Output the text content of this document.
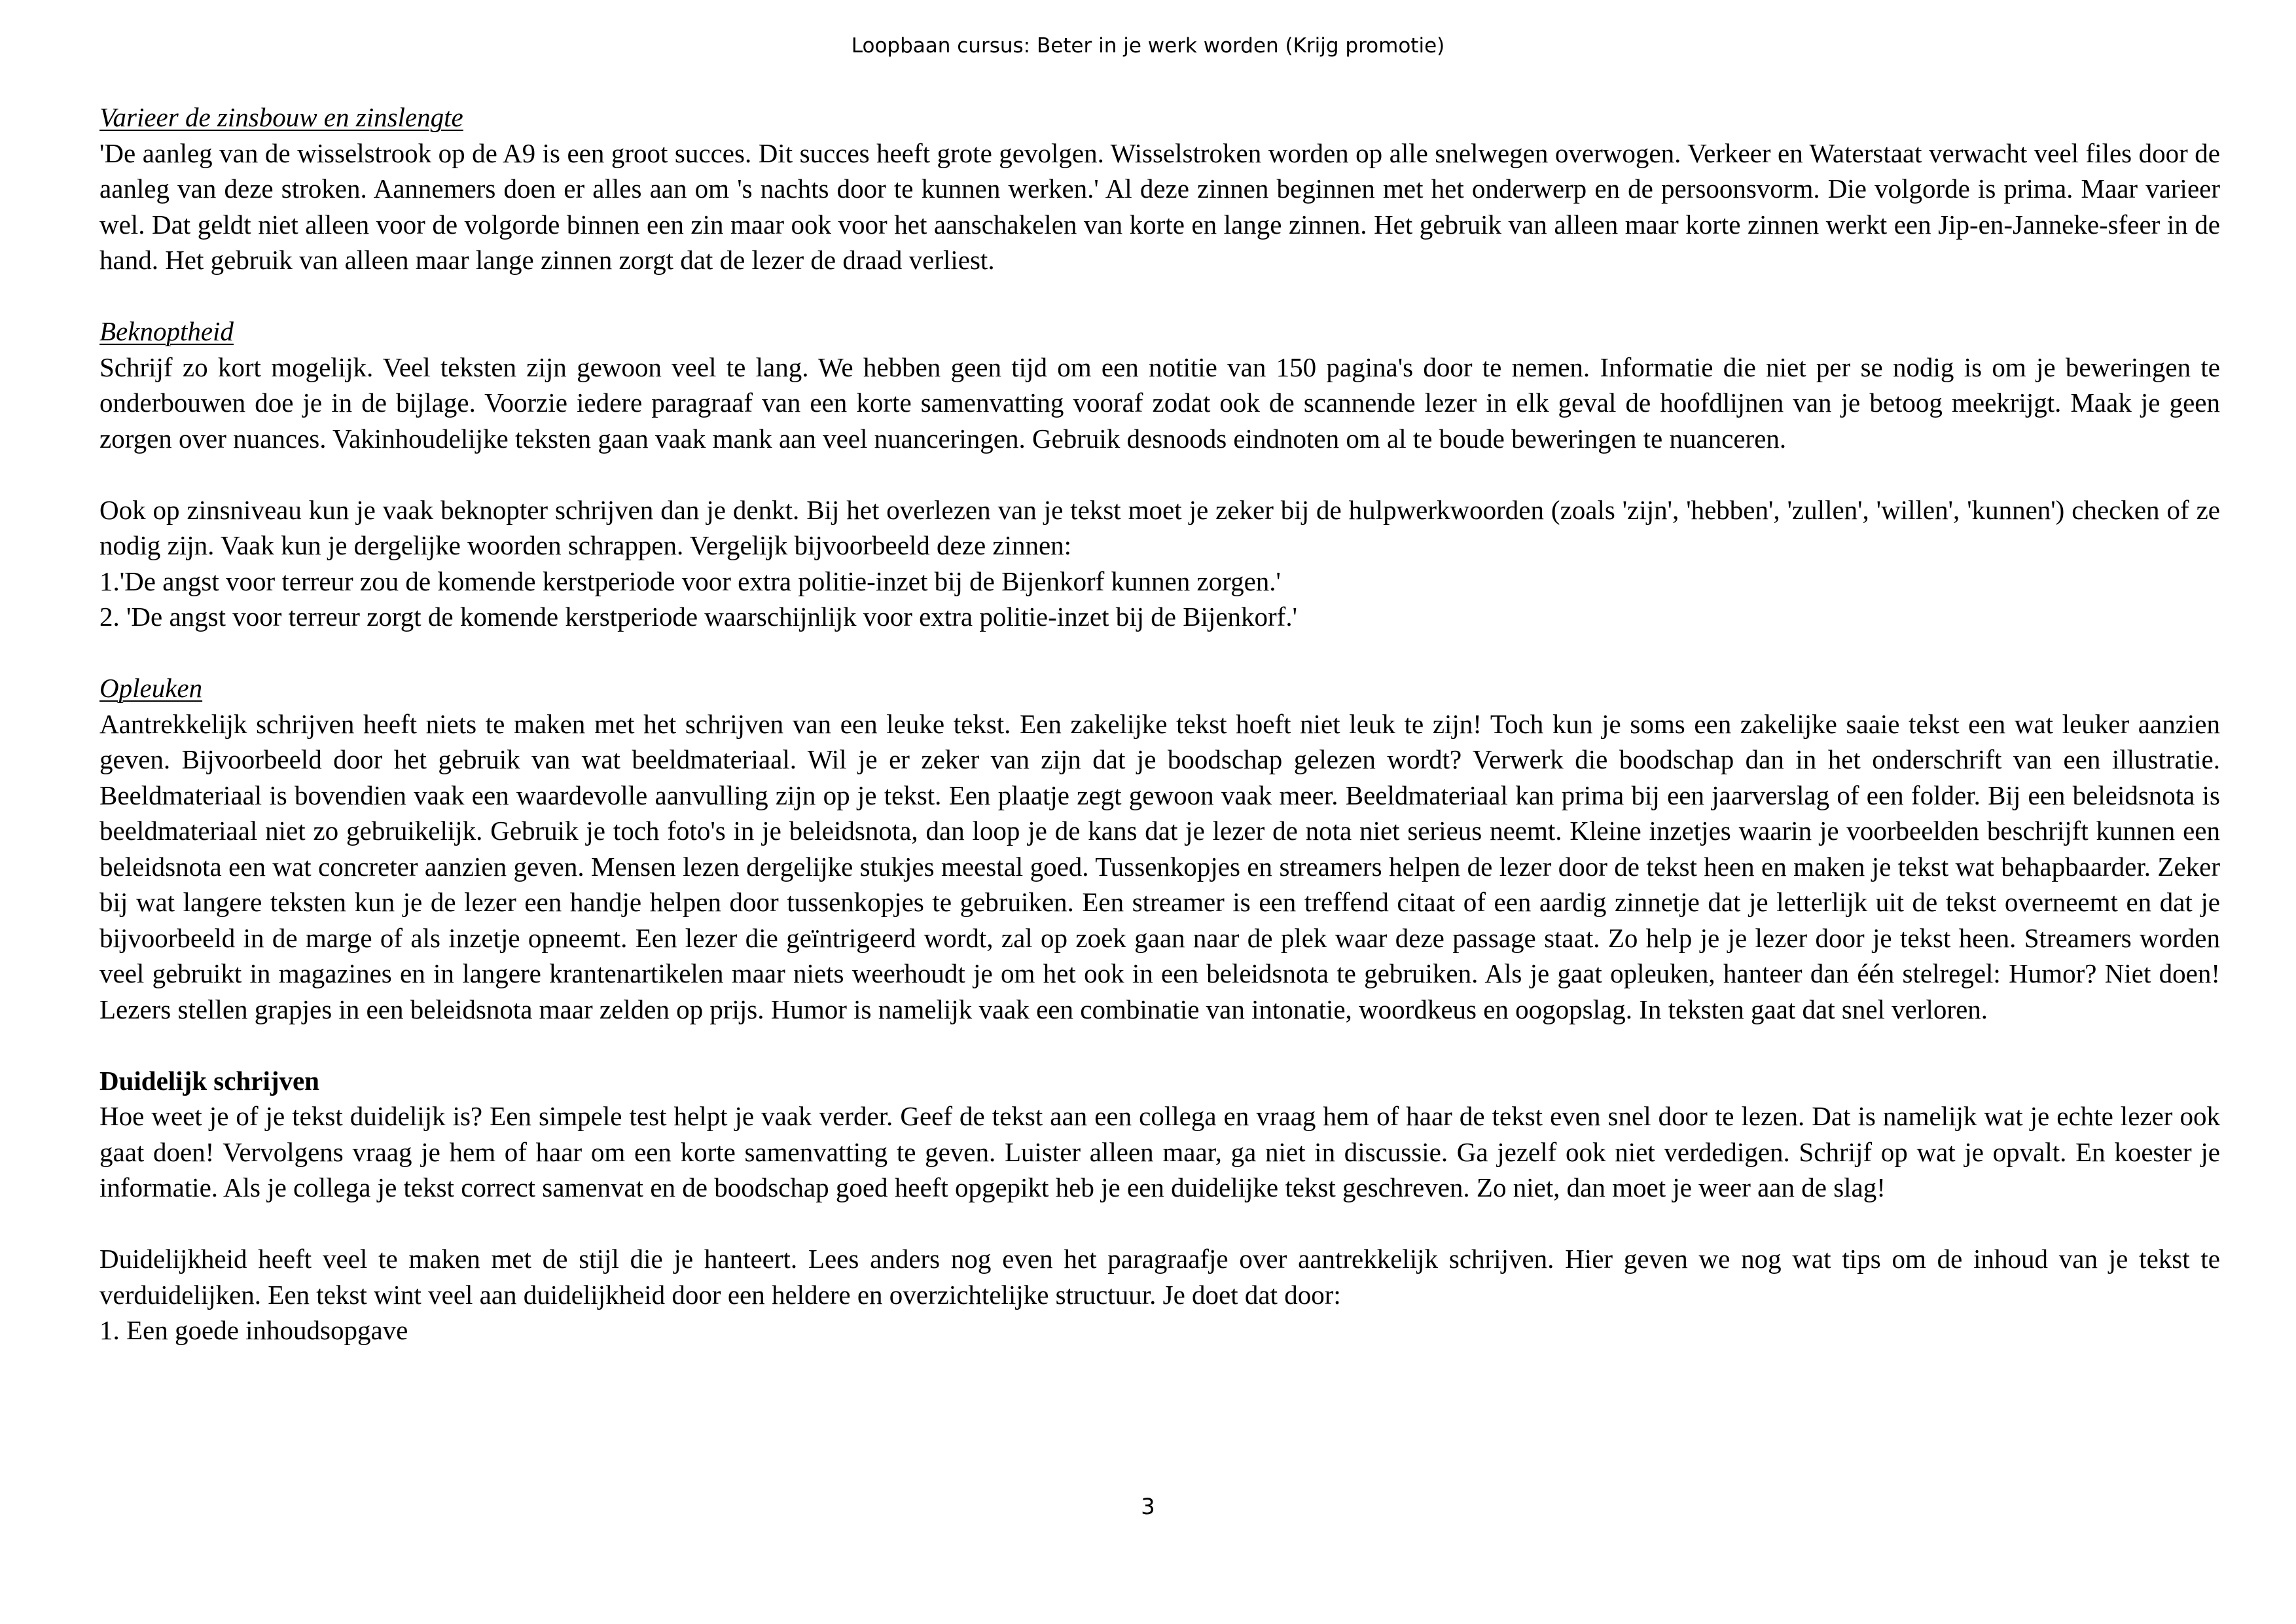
Loopbaan cursus: Beter in je werk worden (Krijg promotie)

Varieer de zinsbouw en zinslengte

'De aanleg van de wisselstrook op de A9 is een groot succes. Dit succes heeft grote gevolgen. Wisselstroken worden op alle snelwegen overwogen. Verkeer en Waterstaat verwacht veel files door de aanleg van deze stroken. Aannemers doen er alles aan om 's nachts door te kunnen werken.' Al deze zinnen beginnen met het onderwerp en de persoonsvorm. Die volgorde is prima. Maar varieer wel. Dat geldt niet alleen voor de volgorde binnen een zin maar ook voor het aanschakelen van korte en lange zinnen. Het gebruik van alleen maar korte zinnen werkt een Jip-en-Janneke-sfeer in de hand. Het gebruik van alleen maar lange zinnen zorgt dat de lezer de draad verliest.

Beknoptheid

Schrijf zo kort mogelijk. Veel teksten zijn gewoon veel te lang. We hebben geen tijd om een notitie van 150 pagina's door te nemen. Informatie die niet per se nodig is om je beweringen te onderbouwen doe je in de bijlage. Voorzie iedere paragraaf van een korte samenvatting vooraf zodat ook de scannende lezer in elk geval de hoofdlijnen van je betoog meekrijgt. Maak je geen zorgen over nuances. Vakinhoudelijke teksten gaan vaak mank aan veel nuanceringen. Gebruik desnoods eindnoten om al te boude beweringen te nuanceren.

Ook op zinsniveau kun je vaak beknopter schrijven dan je denkt. Bij het overlezen van je tekst moet je zeker bij de hulpwerkwoorden (zoals 'zijn', 'hebben', 'zullen', 'willen', 'kunnen') checken of ze nodig zijn. Vaak kun je dergelijke woorden schrappen. Vergelijk bijvoorbeeld deze zinnen:

1.'De angst voor terreur zou de komende kerstperiode voor extra politie-inzet bij de Bijenkorf kunnen zorgen.'

2. 'De angst voor terreur zorgt de komende kerstperiode waarschijnlijk voor extra politie-inzet bij de Bijenkorf.'

Opleuken

Aantrekkelijk schrijven heeft niets te maken met het schrijven van een leuke tekst. Een zakelijke tekst hoeft niet leuk te zijn! Toch kun je soms een zakelijke saaie tekst een wat leuker aanzien geven. Bijvoorbeeld door het gebruik van wat beeldmateriaal. Wil je er zeker van zijn dat je boodschap gelezen wordt? Verwerk die boodschap dan in het onderschrift van een illustratie. Beeldmateriaal is bovendien vaak een waardevolle aanvulling zijn op je tekst. Een plaatje zegt gewoon vaak meer. Beeldmateriaal kan prima bij een jaarverslag of een folder. Bij een beleidsnota is beeldmateriaal niet zo gebruikelijk. Gebruik je toch foto's in je beleidsnota, dan loop je de kans dat je lezer de nota niet serieus neemt. Kleine inzetjes waarin je voorbeelden beschrijft kunnen een beleidsnota een wat concreter aanzien geven. Mensen lezen dergelijke stukjes meestal goed. Tussenkopjes en streamers helpen de lezer door de tekst heen en maken je tekst wat behapbaarder. Zeker bij wat langere teksten kun je de lezer een handje helpen door tussenkopjes te gebruiken. Een streamer is een treffend citaat of een aardig zinnetje dat je letterlijk uit de tekst overneemt en dat je bijvoorbeeld in de marge of als inzetje opneemt. Een lezer die geïntrigeerd wordt, zal op zoek gaan naar de plek waar deze passage staat. Zo help je je lezer door je tekst heen. Streamers worden veel gebruikt in magazines en in langere krantenartikelen maar niets weerhoudt je om het ook in een beleidsnota te gebruiken. Als je gaat opleuken, hanteer dan één stelregel: Humor? Niet doen! Lezers stellen grapjes in een beleidsnota maar zelden op prijs. Humor is namelijk vaak een combinatie van intonatie, woordkeus en oogopslag. In teksten gaat dat snel verloren.

Duidelijk schrijven

Hoe weet je of je tekst duidelijk is? Een simpele test helpt je vaak verder. Geef de tekst aan een collega en vraag hem of haar de tekst even snel door te lezen. Dat is namelijk wat je echte lezer ook gaat doen! Vervolgens vraag je hem of haar om een korte samenvatting te geven. Luister alleen maar, ga niet in discussie. Ga jezelf ook niet verdedigen. Schrijf op wat je opvalt. En koester je informatie. Als je collega je tekst correct samenvat en de boodschap goed heeft opgepikt heb je een duidelijke tekst geschreven. Zo niet, dan moet je weer aan de slag!

Duidelijkheid heeft veel te maken met de stijl die je hanteert. Lees anders nog even het paragraafje over aantrekkelijk schrijven. Hier geven we nog wat tips om de inhoud van je tekst te verduidelijken. Een tekst wint veel aan duidelijkheid door een heldere en overzichtelijke structuur. Je doet dat door:

1. Een goede inhoudsopgave

3
